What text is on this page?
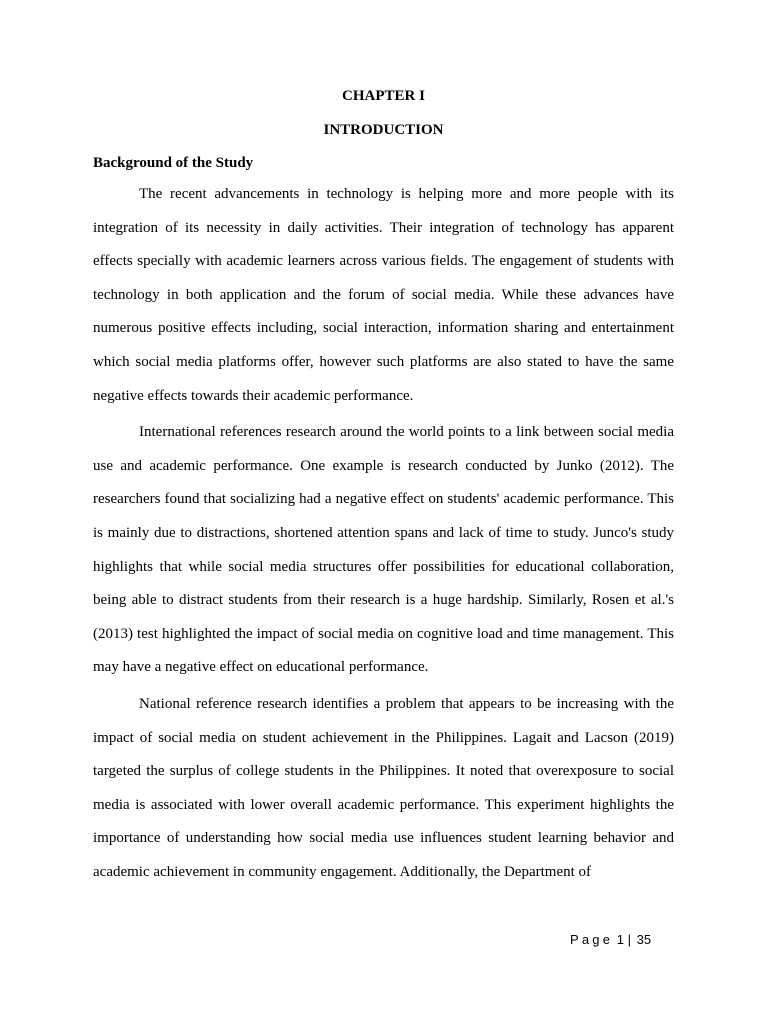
CHAPTER I

INTRODUCTION

Background of the Study

The recent advancements in technology is helping more and more people with its integration of its necessity in daily activities. Their integration of technology has apparent effects specially with academic learners across various fields. The engagement of students with technology in both application and the forum of social media. While these advances have numerous positive effects including, social interaction, information sharing and entertainment which social media platforms offer, however such platforms are also stated to have the same negative effects towards their academic performance.

International references research around the world points to a link between social media use and academic performance. One example is research conducted by Junko (2012). The researchers found that socializing had a negative effect on students' academic performance. This is mainly due to distractions, shortened attention spans and lack of time to study. Junco's study highlights that while social media structures offer possibilities for educational collaboration, being able to distract students from their research is a huge hardship. Similarly, Rosen et al.'s (2013) test highlighted the impact of social media on cognitive load and time management. This may have a negative effect on educational performance.

National reference research identifies a problem that appears to be increasing with the impact of social media on student achievement in the Philippines. Lagait and Lacson (2019) targeted the surplus of college students in the Philippines. It noted that overexposure to social media is associated with lower overall academic performance. This experiment highlights the importance of understanding how social media use influences student learning behavior and academic achievement in community engagement. Additionally, the Department of

Page 1 | 35
